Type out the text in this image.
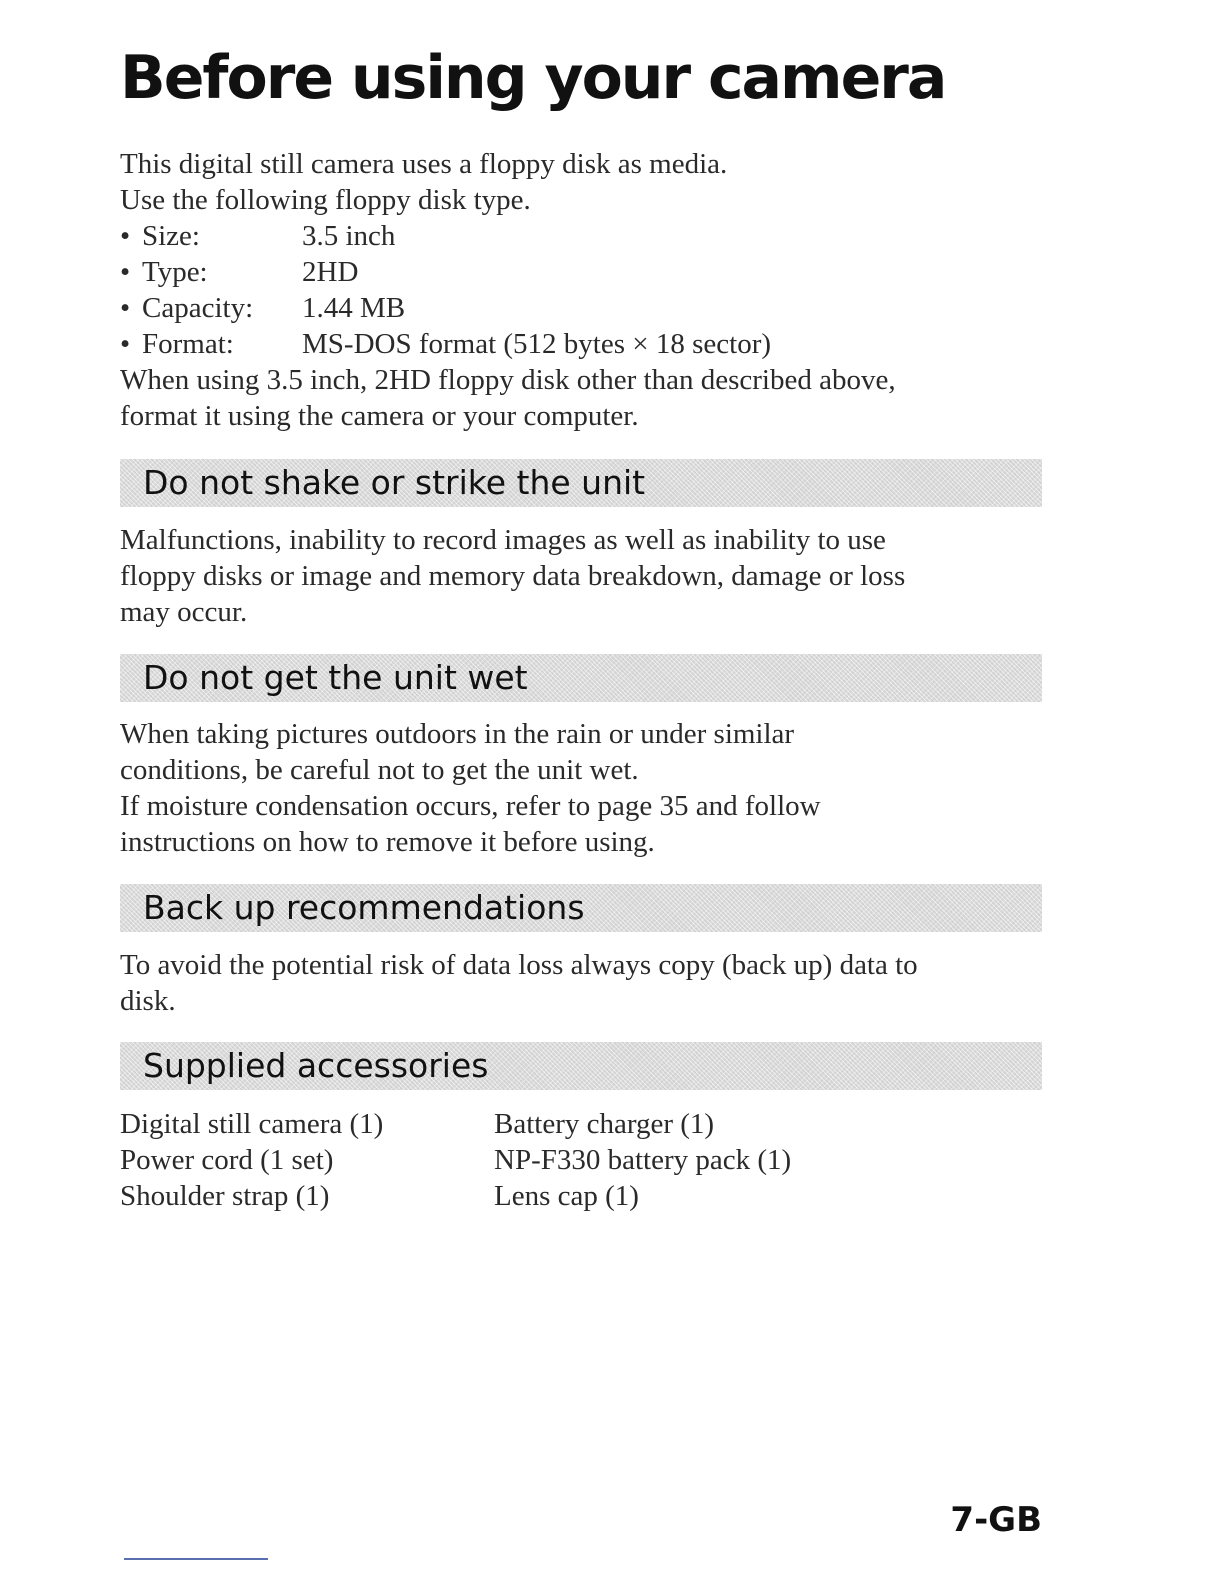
Before using your camera
This digital still camera uses a floppy disk as media.
Use the following floppy disk type.
• Size:	3.5 inch
• Type:	2HD
• Capacity:	1.44 MB
• Format:	MS-DOS format (512 bytes × 18 sector)
When using 3.5 inch, 2HD floppy disk other than described above,
format it using the camera or your computer.
Do not shake or strike the unit
Malfunctions, inability to record images as well as inability to use
floppy disks or image and memory data breakdown, damage or loss
may occur.
Do not get the unit wet
When taking pictures outdoors in the rain or under similar
conditions, be careful not to get the unit wet.
If moisture condensation occurs, refer to page 35 and follow
instructions on how to remove it before using.
Back up recommendations
To avoid the potential risk of data loss always copy (back up) data to
disk.
Supplied accessories
Digital still camera (1)	Battery charger (1)
Power cord (1 set)	NP-F330 battery pack (1)
Shoulder strap (1)	Lens cap (1)
7-GB
